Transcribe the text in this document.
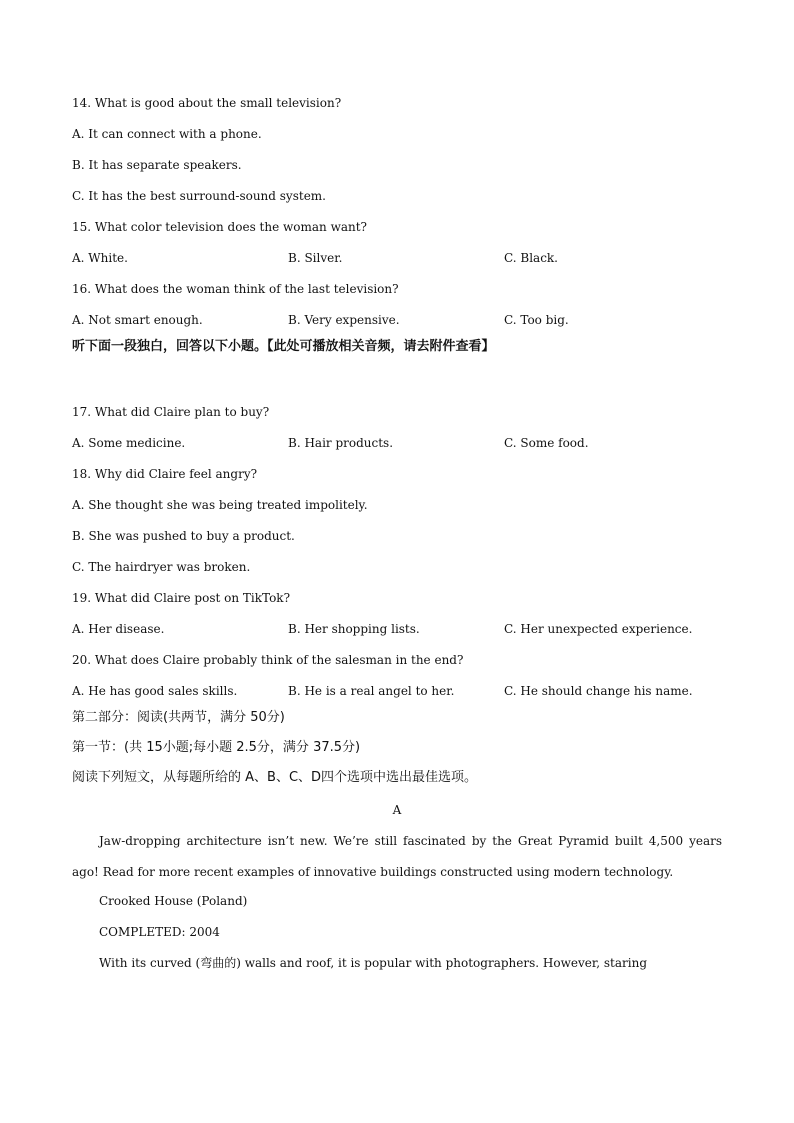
14. What is good about the small television?
A. It can connect with a phone.
B. It has separate speakers.
C. It has the best surround-sound system.
15. What color television does the woman want?
A. White.	B. Silver.	C. Black.
16. What does the woman think of the last television?
A. Not smart enough.	B. Very expensive.	C. Too big.
听下面一段独白，回答以下小题。【此处可播放相关音频，请去附件查看】
17. What did Claire plan to buy?
A. Some medicine.	B. Hair products.	C. Some food.
18. Why did Claire feel angry?
A. She thought she was being treated impolitely.
B. She was pushed to buy a product.
C. The hairdryer was broken.
19. What did Claire post on TikTok?
A. Her disease.	B. Her shopping lists.	C. Her unexpected experience.
20. What does Claire probably think of the salesman in the end?
A. He has good sales skills.	B. He is a real angel to her.	C. He should change his name.
第二部分：阅读(共两节，满分 50分)
第一节：(共 15小题;每小题 2.5分，满分 37.5分)
阅读下列短文，从每题所给的 A、B、C、D四个选项中选出最佳选项。
A
Jaw-dropping architecture isn’t new. We’re still fascinated by the Great Pyramid built 4,500 years ago! Read for more recent examples of innovative buildings constructed using modern technology.
Crooked House (Poland)
COMPLETED: 2004
With its curved (弯曲的) walls and roof, it is popular with photographers. However, staring
